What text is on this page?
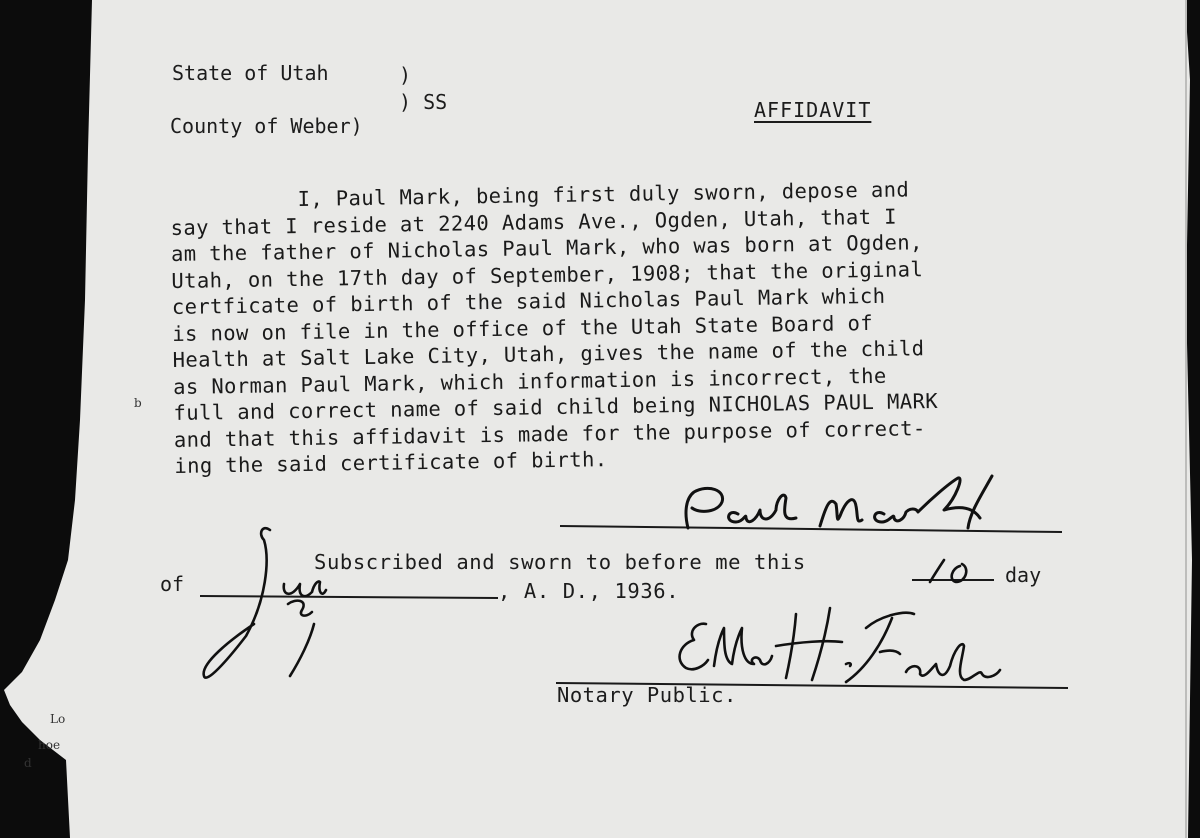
State of Utah	)
) SS
County of Weber)
AFFIDAVIT

I, Paul Mark, being first duly sworn, depose and

say that I reside at 2240 Adams Ave., Ogden, Utah, that I

am the father of Nicholas Paul Mark, who was born at Ogden,

Utah, on the 17th day of September, 1908; that the original

certficate of birth of the said Nicholas Paul Mark which

is now on file in the office of the Utah State Board of

Health at Salt Lake City, Utah, gives the name of the child

as Norman Paul Mark, which information is incorrect, the

full and correct name of said child being NICHOLAS PAUL MARK

and that this affidavit is made for the purpose of correct-

ing the said certificate of birth.

Subscribed and sworn to before me this
day
of	, A. D., 1936.
Notary Public.
b
Lo
hoe
d
